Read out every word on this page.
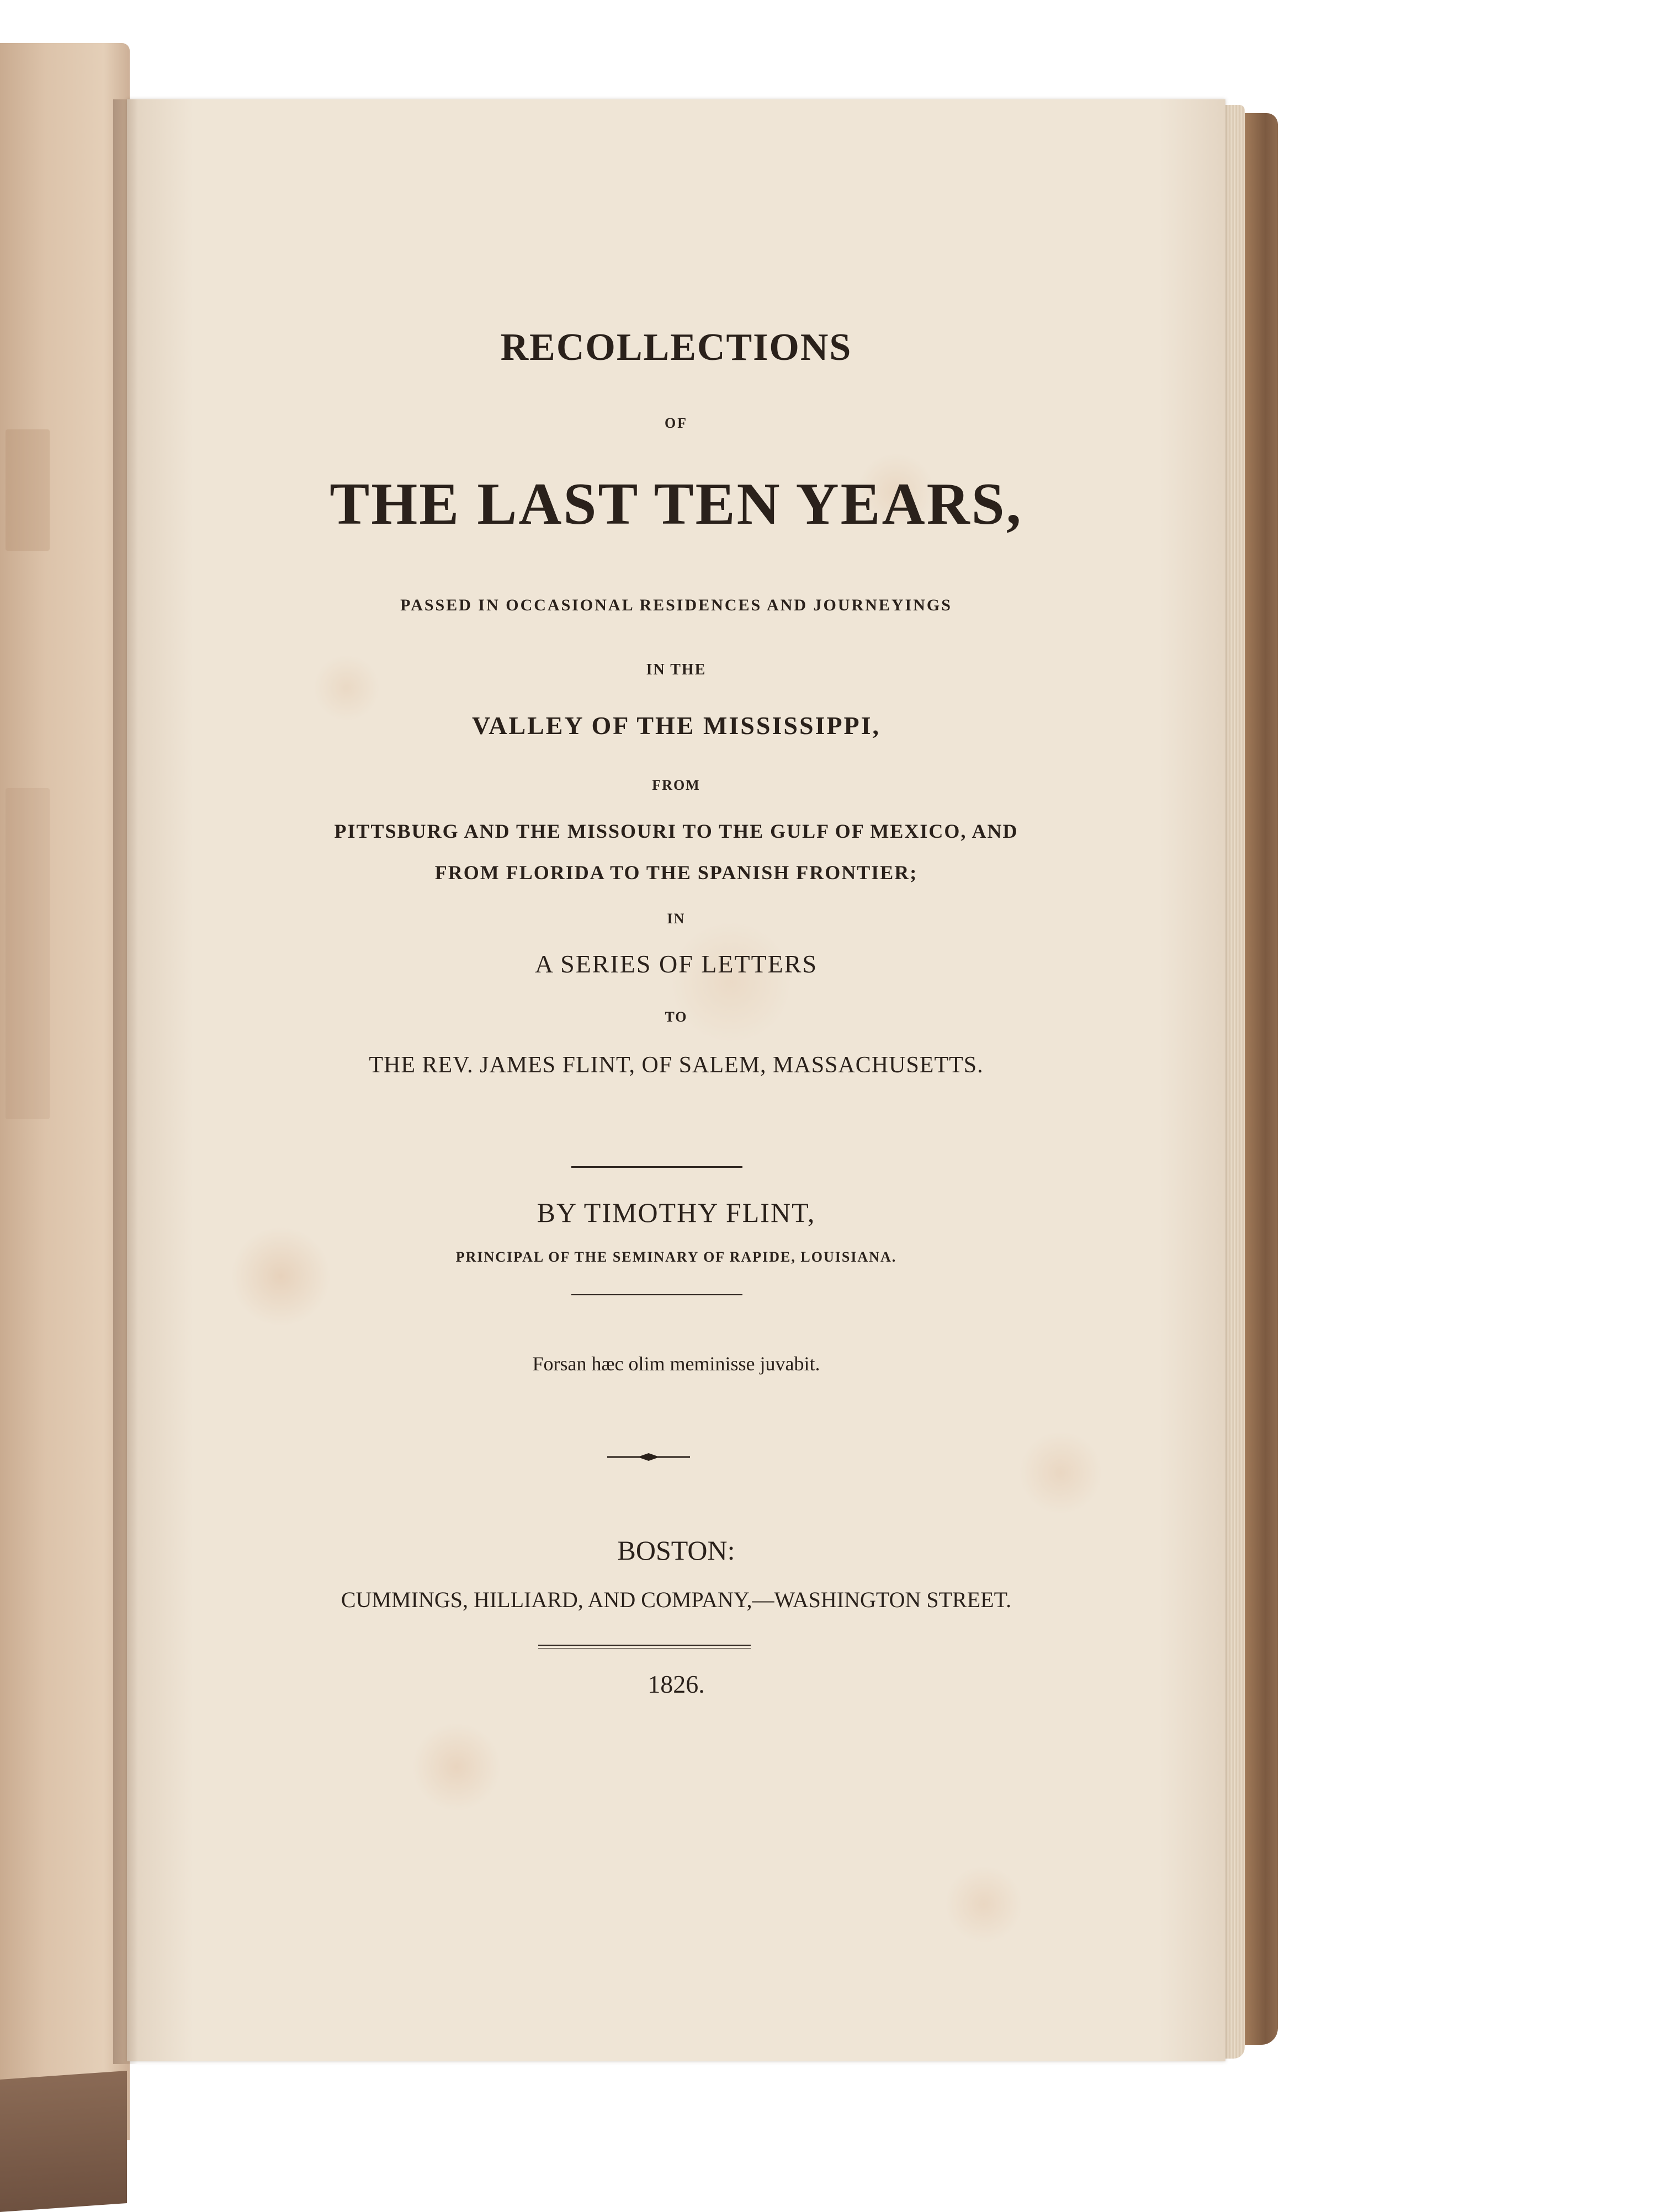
RECOLLECTIONS
OF
THE LAST TEN YEARS,
PASSED IN OCCASIONAL RESIDENCES AND JOURNEYINGS
IN THE
VALLEY OF THE MISSISSIPPI,
FROM
PITTSBURG AND THE MISSOURI TO THE GULF OF MEXICO, AND
FROM FLORIDA TO THE SPANISH FRONTIER;
IN
A SERIES OF LETTERS
TO
THE REV. JAMES FLINT, OF SALEM, MASSACHUSETTS.
BY TIMOTHY FLINT,
PRINCIPAL OF THE SEMINARY OF RAPIDE, LOUISIANA.
Forsan hæc olim meminisse juvabit.
BOSTON:
CUMMINGS, HILLIARD, AND COMPANY,—WASHINGTON STREET.
1826.
